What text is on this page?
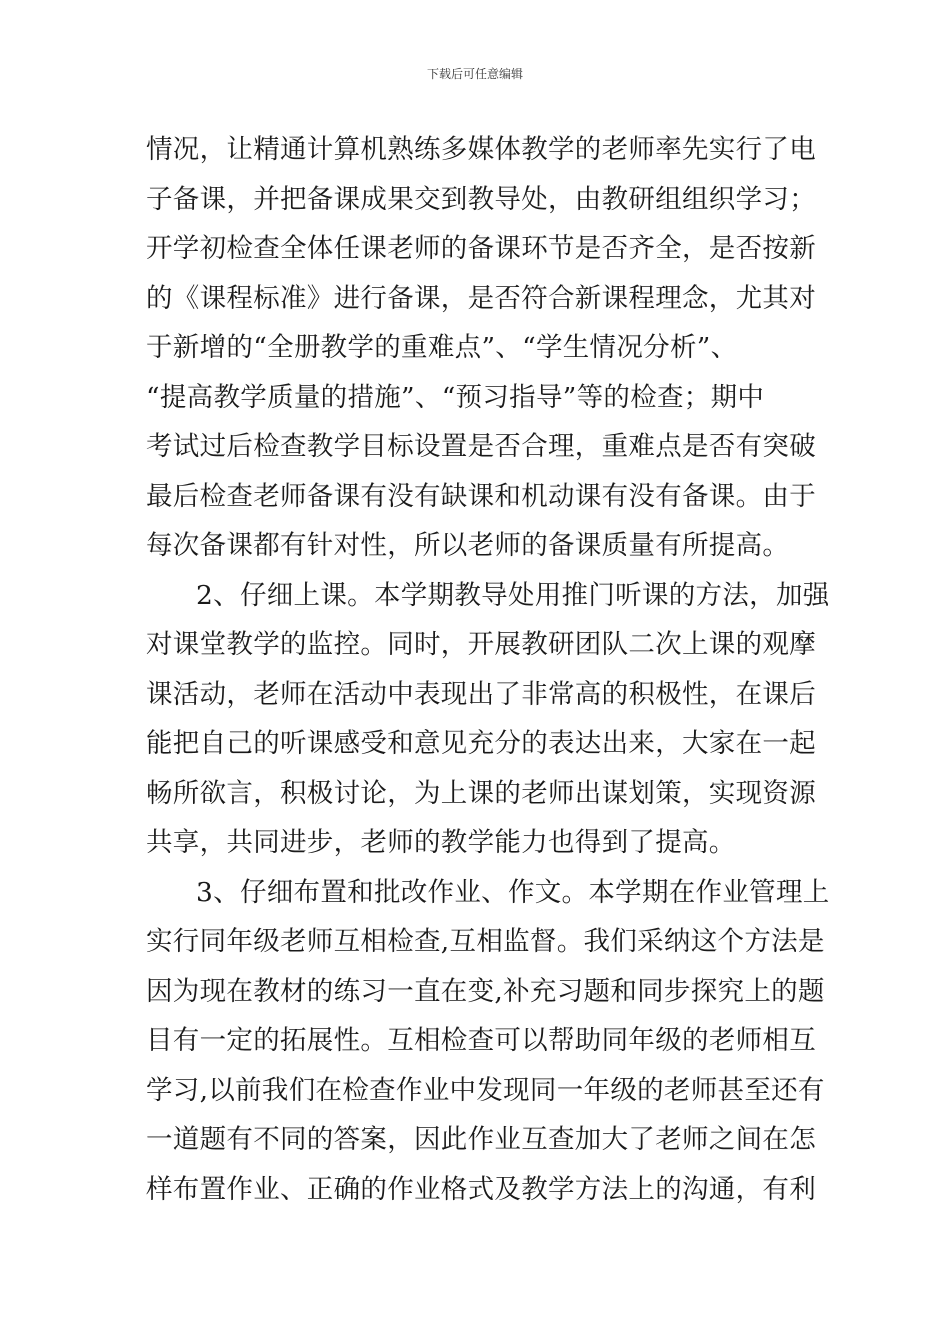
下载后可任意编辑
情况，让精通计算机熟练多媒体教学的老师率先实行了电
子备课，并把备课成果交到教导处，由教研组组织学习；
开学初检查全体任课老师的备课环节是否齐全，是否按新
的《课程标准》进行备课，是否符合新课程理念，尤其对
于新增的“全册教学的重难点”、“学生情况分析”、
“提高教学质量的措施”、“预习指导”等的检查；期中
考试过后检查教学目标设置是否合理，重难点是否有突破
最后检查老师备课有没有缺课和机动课有没有备课。由于
每次备课都有针对性，所以老师的备课质量有所提高。
2、仔细上课。本学期教导处用推门听课的方法，加强
对课堂教学的监控。同时，开展教研团队二次上课的观摩
课活动，老师在活动中表现出了非常高的积极性，在课后
能把自己的听课感受和意见充分的表达出来，大家在一起
畅所欲言，积极讨论，为上课的老师出谋划策，实现资源
共享，共同进步，老师的教学能力也得到了提高。
3、仔细布置和批改作业、作文。本学期在作业管理上
实行同年级老师互相检查,互相监督。我们采纳这个方法是
因为现在教材的练习一直在变,补充习题和同步探究上的题
目有一定的拓展性。互相检查可以帮助同年级的老师相互
学习,以前我们在检查作业中发现同一年级的老师甚至还有
一道题有不同的答案，因此作业互查加大了老师之间在怎
样布置作业、正确的作业格式及教学方法上的沟通，有利
